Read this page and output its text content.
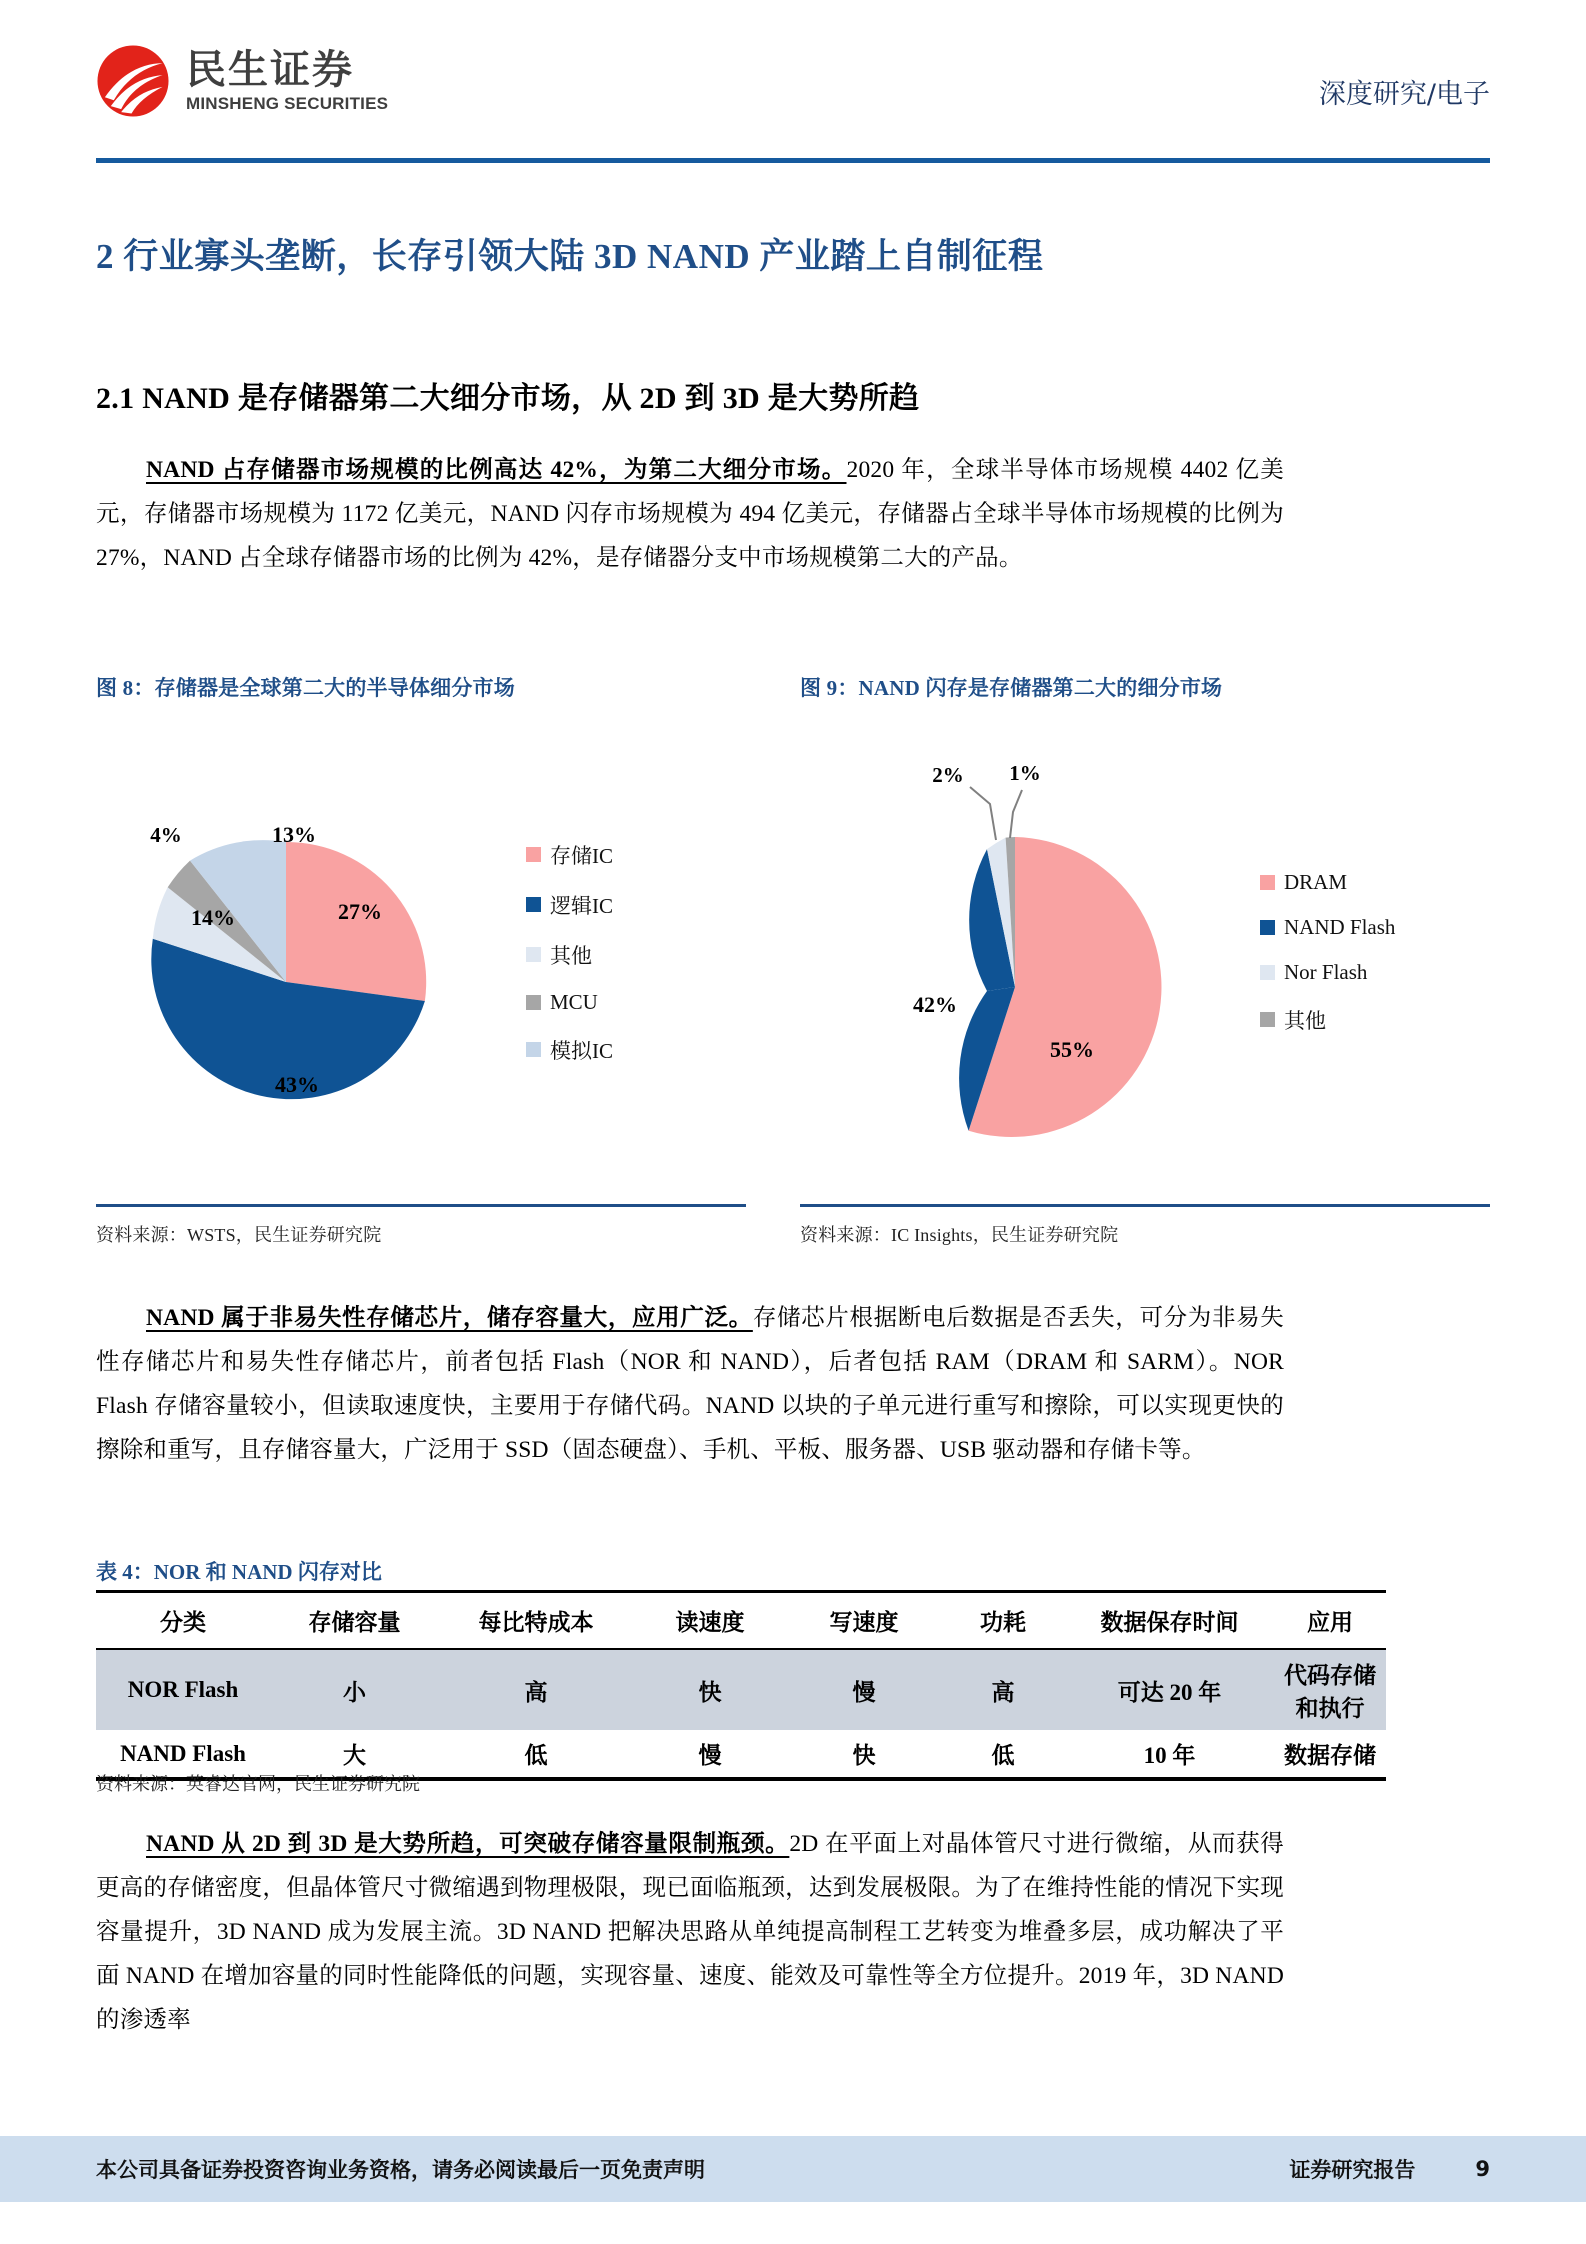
民生证券
MINSHENG SECURITIES	深度研究/电子
2 行业寡头垄断，长存引领大陆 3D NAND 产业踏上自制征程
2.1 NAND 是存储器第二大细分市场，从 2D 到 3D 是大势所趋
NAND 占存储器市场规模的比例高达 42%，为第二大细分市场。2020 年，全球半导体市场规模 4402 亿美元，存储器市场规模为 1172 亿美元，NAND 闪存市场规模为 494 亿美元，存储器占全球半导体市场规模的比例为 27%，NAND 占全球存储器市场的比例为 42%，是存储器分支中市场规模第二大的产品。
图 8：存储器是全球第二大的半导体细分市场
27%
43%
14%
4%	13%
存储IC
逻辑IC
其他
MCU
模拟IC
资料来源：WSTS，民生证券研究院
图 9：NAND 闪存是存储器第二大的细分市场
55%
42%
2% 1%
DRAM
NAND Flash
Nor Flash
其他
资料来源：IC Insights，民生证券研究院
NAND 属于非易失性存储芯片，储存容量大，应用广泛。存储芯片根据断电后数据是否丢失，可分为非易失性存储芯片和易失性存储芯片，前者包括 Flash（NOR 和 NAND），后者包括 RAM（DRAM 和 SARM）。NOR Flash 存储容量较小，但读取速度快，主要用于存储代码。NAND 以块的子单元进行重写和擦除，可以实现更快的擦除和重写，且存储容量大，广泛用于 SSD（固态硬盘）、手机、平板、服务器、USB 驱动器和存储卡等。
表 4：NOR 和 NAND 闪存对比
分类	存储容量	每比特成本	读速度	写速度	功耗	数据保存时间	应用
NOR Flash	小	高	快	慢	高	可达 20 年	代码存储和执行
NAND Flash	大	低	慢	快	低	10 年	数据存储
资料来源：英睿达官网，民生证券研究院
NAND 从 2D 到 3D 是大势所趋，可突破存储容量限制瓶颈。2D 在平面上对晶体管尺寸进行微缩，从而获得更高的存储密度，但晶体管尺寸微缩遇到物理极限，现已面临瓶颈，达到发展极限。为了在维持性能的情况下实现容量提升，3D NAND 成为发展主流。3D NAND 把解决思路从单纯提高制程工艺转变为堆叠多层，成功解决了平面 NAND 在增加容量的同时性能降低的问题，实现容量、速度、能效及可靠性等全方位提升。2019 年，3D NAND 的渗透率
本公司具备证券投资咨询业务资格，请务必阅读最后一页免责声明	证券研究报告	9
